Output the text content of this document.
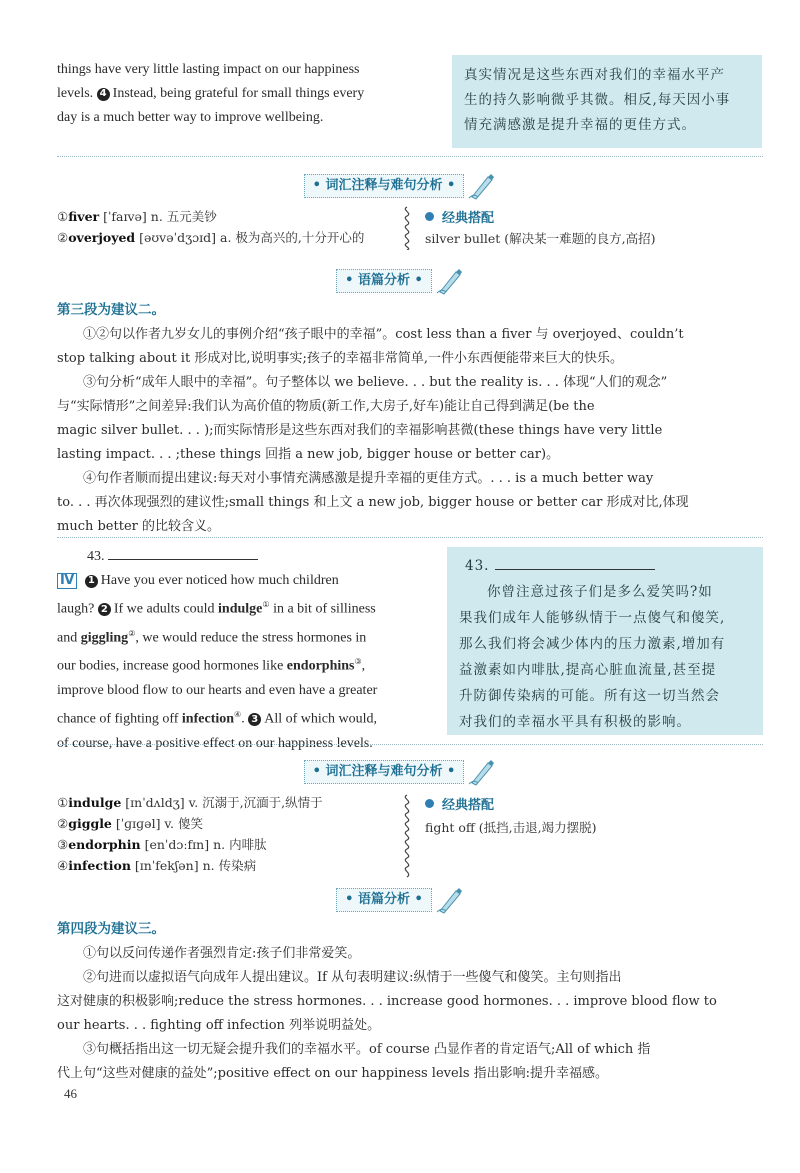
things have very little lasting impact on our happiness
levels. 4 Instead, being grateful for small things every
day is a much better way to improve wellbeing.
真实情况是这些东西对我们的幸福水平产
生的持久影响微乎其微。相反,每天因小事
情充满感激是提升幸福的更佳方式。
• 词汇注释与难句分析 •
①fiver [ˈfaɪvə] n. 五元美钞
②overjoyed [əʊvəˈdʒɔɪd] a. 极为高兴的,十分开心的
经典搭配
silver bullet (解决某一难题的良方,高招)
• 语篇分析 •
第三段为建议二。

①②句以作者九岁女儿的事例介绍“孩子眼中的幸福”。cost less than a fiver 与 overjoyed、couldn’t

stop talking about it 形成对比,说明事实;孩子的幸福非常简单,一件小东西便能带来巨大的快乐。

③句分析“成年人眼中的幸福”。句子整体以 we believe. . . but the reality is. . . 体现“人们的观念”

与“实际情形”之间差异:我们认为高价值的物质(新工作,大房子,好车)能让自己得到满足(be the

magic silver bullet. . . );而实际情形是这些东西对我们的幸福影响甚微(these things have very little

lasting impact. . . ;these things 回指 a new job, bigger house or better car)。

④句作者顺而提出建议:每天对小事情充满感激是提升幸福的更佳方式。. . . is a much better way

to. . . 再次体现强烈的建议性;small things 和上文 a new job, bigger house or better car 形成对比,体现

much better 的比较含义。

43.
Ⅳ 1 Have you ever noticed how much children
laugh? 2 If we adults could indulge① in a bit of silliness
and giggling②, we would reduce the stress hormones in
our bodies, increase good hormones like endorphins③,
improve blood flow to our hearts and even have a greater
chance of fighting off infection④. 3 All of which would,
of course, have a positive effect on our happiness levels.
43.
你曾注意过孩子们是多么爱笑吗?如
果我们成年人能够纵情于一点傻气和傻笑,
那么我们将会减少体内的压力激素,增加有
益激素如内啡肽,提高心脏血流量,甚至提
升防御传染病的可能。所有这一切当然会
对我们的幸福水平具有积极的影响。
• 词汇注释与难句分析 •
①indulge [ɪnˈdʌldʒ] v. 沉溺于,沉湎于,纵情于
②giggle [ˈɡɪɡəl] v. 傻笑
③endorphin [enˈdɔːfɪn] n. 内啡肽
④infection [ɪnˈfekʃən] n. 传染病
经典搭配
fight off (抵挡,击退,竭力摆脱)
• 语篇分析 •
第四段为建议三。

①句以反问传递作者强烈肯定:孩子们非常爱笑。

②句进而以虚拟语气向成年人提出建议。If 从句表明建议:纵情于一些傻气和傻笑。主句则指出

这对健康的积极影响;reduce the stress hormones. . . increase good hormones. . . improve blood flow to

our hearts. . . fighting off infection 列举说明益处。

③句概括指出这一切无疑会提升我们的幸福水平。of course 凸显作者的肯定语气;All of which 指

代上句“这些对健康的益处”;positive effect on our happiness levels 指出影响:提升幸福感。

46
